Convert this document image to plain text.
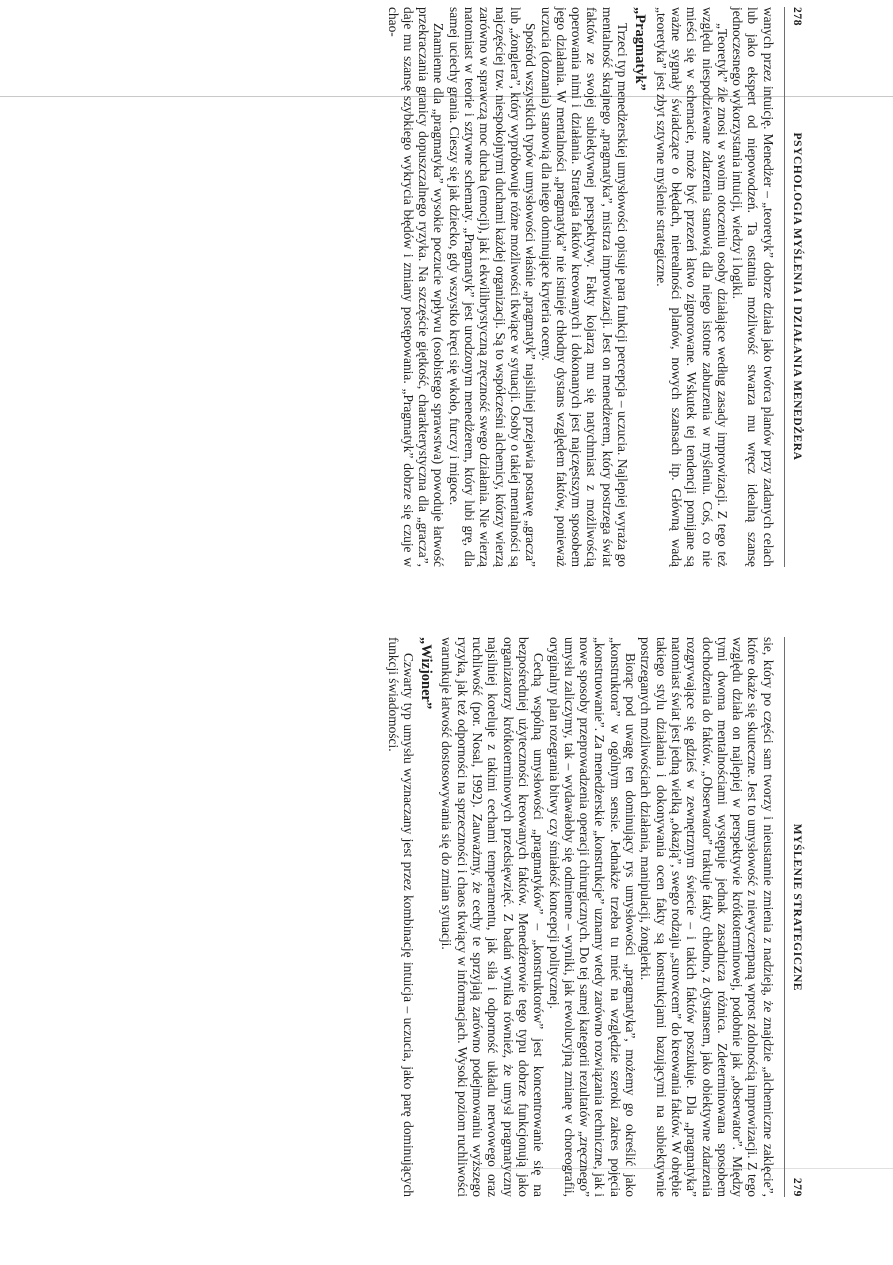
278
PSYCHOLOGIA MYŚLENIA I DZIAŁANIA MENEDŻERA

wanych przez intuicję. Menedżer – „teoretyk” dobrze działa jako twórca planów przy zadanych celach lub jako ekspert od niepowodzeń. Ta ostatnia możliwość stwarza mu wręcz idealną szansę jednoczesnego wykorzystania intuicji, wiedzy i logiki.

„Teoretyk” źle znosi w swoim otoczeniu osoby działające według zasady improwizacji. Z tego też względu niespodziewane zdarzenia stanowią dla niego istotne zaburzenia w myśleniu. Coś, co nie mieści się w schemacie, może być przezeń łatwo zignorowane. Wskutek tej tendencji pomijane są ważne sygnały świadczące o błędach, nierealności planów, nowych szansach itp. Główną wadą „teoretyka” jest zbyt sztywne myślenie strategiczne.

„Pragmatyk”

Trzeci typ menedżerskiej umysłowości opisuje para funkcji percepcja – uczucia. Najlepiej wyraża go mentalność skrajnego „pragmatyka”, mistrza improwizacji. Jest on menedżerem, który postrzega świat faktów ze swojej subiektywnej perspektywy. Fakty kojarzą mu się natychmiast z możliwością operowania nimi i działania. Strategia faktów kreowanych i dokonanych jest najczęstszym sposobem jego działania. W mentalności „pragmatyka” nie istnieje chłodny dystans względem faktów, ponieważ uczucia (doznania) stanowią dla niego dominujące kryteria oceny.

Spośród wszystkich typów umysłowości właśnie „pragmatyk” najsilniej przejawia postawę „gracza” lub „żonglera”, który wypróbowuje różne możliwości tkwiące w sytuacji. Osoby o takiej mentalności są najczęściej tzw. niespokojnymi duchami każdej organizacji. Są to współcześni alchemicy, którzy wierzą zarówno w sprawczą moc ducha (emocji), jak i ekwilibrystyczną zręczność swego działania. Nie wierzą natomiast w teorie i sztywne schematy. „Pragmatyk” jest urodzonym menedżerem, który lubi grę, dla samej uciechy grania. Cieszy się jak dziecko, gdy wszystko kręci się wkoło, furczy i migoce.

Znamienne dla „pragmatyka” wysokie poczucie wpływu (osobistego sprawstwa) powoduje łatwość przekraczania granicy dopuszczalnego ryzyka. Na szczęście giętkość, charakterystyczna dla „gracza”, daje mu szansę szybkiego wykrycia błędów i zmiany postępowania. „Pragmatyk” dobrze się czuje w chao-

MYŚLENIE STRATEGICZNE
279

sie, który po części sam tworzy i nieustannie zmienia z nadzieją, że znajdzie „alchemiczne zaklęcie”, które okaże się skuteczne. Jest to umysłowość z niewyczerpaną wprost zdolnością improwizacji. Z tego względu działa on najlepiej w perspektywie krótkoterminowej, podobnie jak „obserwator”. Między tymi dwoma mentalnościami występuje jednak zasadnicza różnica. Zdeterminowana sposobem dochodzenia do faktów. „Obserwator” traktuje fakty chłodno, z dystansem, jako obiektywne zdarzenia rozgrywające się gdzieś w zewnętrznym świecie – i takich faktów poszukuje. Dla „pragmatyka” natomiast świat jest jedną wielką „okazją”, swego rodzaju „surowcem” do kreowania faktów. W obrębie takiego stylu działania i dokonywania ocen fakty są konstrukcjami bazującymi na subiektywnie postrzeganych możliwościach działania, manipulacji, żonglerki.

Biorąc pod uwagę ten dominujący rys umysłowości „pragmatyka”, możemy go określić jako „konstruktora” w ogólnym sensie. Jednakże trzeba tu mieć na względzie szeroki zakres pojęcia „konstruowanie”. Za menedżerskie „konstrukcje” uznamy wtedy zarówno rozwiązania techniczne, jak i nowe sposoby przeprowadzenia operacji chirurgicznych. Do tej samej kategorii rezultatów „zręcznego” umysłu zaliczymy, tak – wydawałoby się odmienne – wyniki, jak rewolucyjną zmianę w choreografii, oryginalny plan rozegrania bitwy czy śmiałość koncepcji politycznej.

Cechą wspólną umysłowości „pragmatyków” – „konstruktorów” jest koncentrowanie się na bezpośredniej użyteczności kreowanych faktów. Menedżerowie tego typu dobrze funkcjonują jako organizatorzy krótkoterminowych przedsięwzięć. Z badań wynika również, że umysł pragmatyczny najsilniej koreluje z takimi cechami temperamentu, jak siła i odporność układu nerwowego oraz ruchliwość (por. Nosal, 1992). Zauważmy, że cechy te sprzyjają zarówno podejmowaniu wyższego ryzyka, jak też odporności na sprzeczności i chaos tkwiący w informacjach. Wysoki poziom ruchliwości warunkuje łatwość dostosowywania się do zmian sytuacji.

„Wizjoner”

Czwarty typ umysłu wyznaczany jest przez kombinację intuicja – uczucia, jako parę dominujących funkcji świadomości.
